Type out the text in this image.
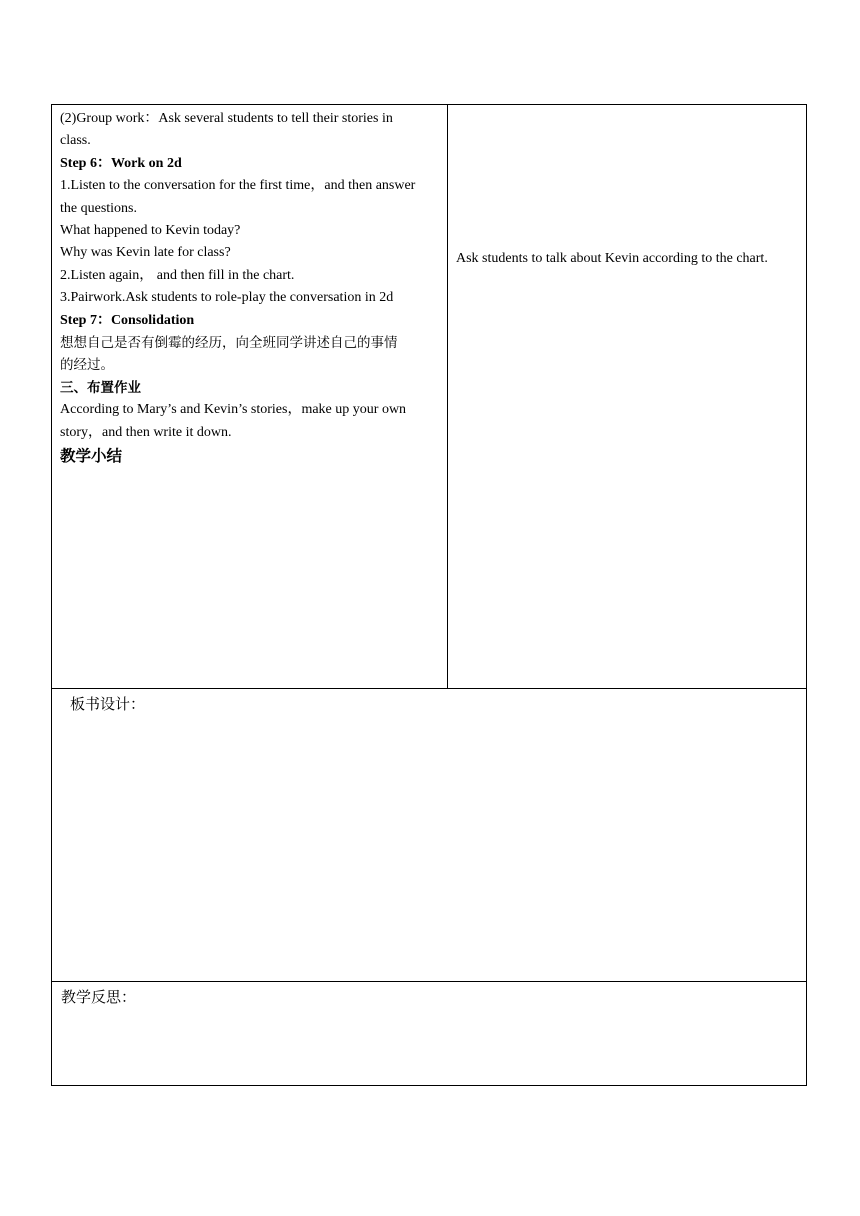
(2)Group work：Ask several students to tell their stories in
class.
Step 6：Work on 2d
1.Listen to the conversation for the first time，and then answer
the questions.
What happened to Kevin today?
Why was Kevin late for class?
2.Listen again， and then fill in the chart.
3.Pairwork.Ask students to role-play the conversation in 2d
Step 7：Consolidation
想想自己是否有倒霉的经历，向全班同学讲述自己的事情
的经过。
三、布置作业
According to Mary’s and Kevin’s stories，make up your own
story，and then write it down.
教学小结
Ask students to talk about Kevin according to the chart.
板书设计：
教学反思：
